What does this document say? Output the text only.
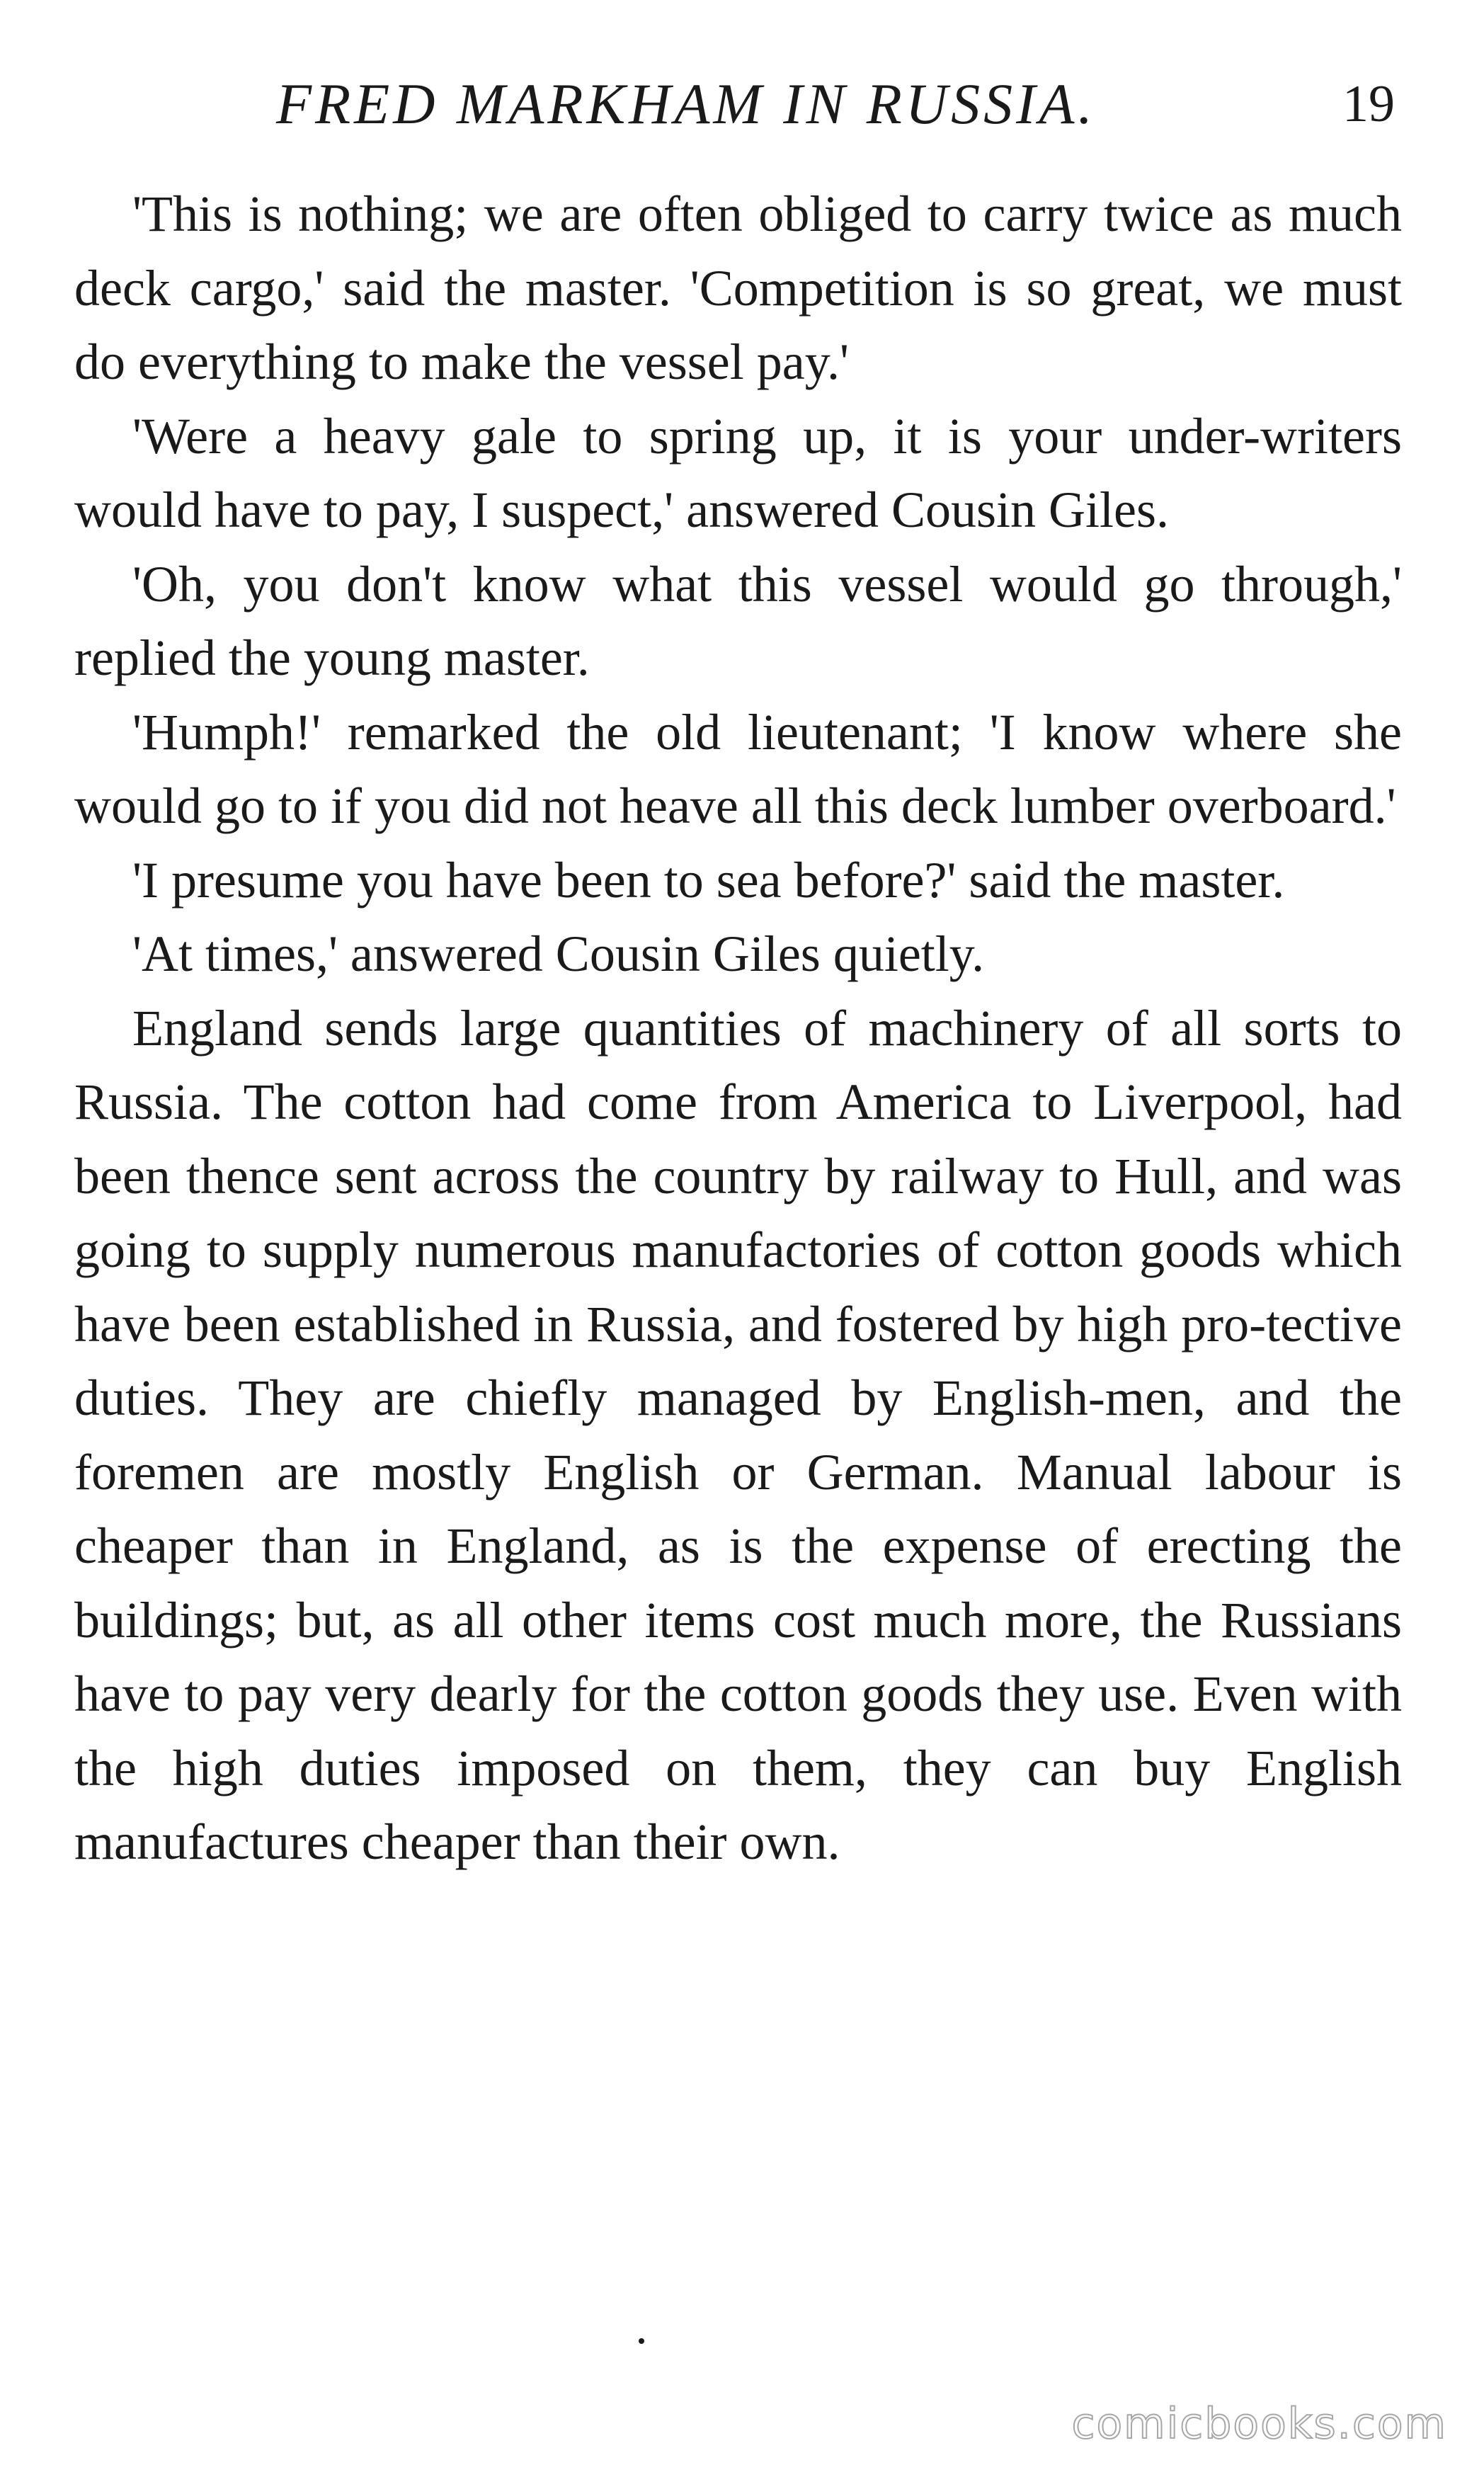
FRED MARKHAM IN RUSSIA.	19

'This is nothing; we are often obliged to carry twice as much deck cargo,' said the master. 'Competition is so great, we must do everything to make the vessel pay.'

'Were a heavy gale to spring up, it is your under-writers would have to pay, I suspect,' answered Cousin Giles.

'Oh, you don't know what this vessel would go through,' replied the young master.

'Humph!' remarked the old lieutenant; 'I know where she would go to if you did not heave all this deck lumber overboard.'

'I presume you have been to sea before?' said the master.

'At times,' answered Cousin Giles quietly.

England sends large quantities of machinery of all sorts to Russia. The cotton had come from America to Liverpool, had been thence sent across the country by railway to Hull, and was going to supply numerous manufactories of cotton goods which have been established in Russia, and fostered by high pro-tective duties. They are chiefly managed by English-men, and the foremen are mostly English or German. Manual labour is cheaper than in England, as is the expense of erecting the buildings; but, as all other items cost much more, the Russians have to pay very dearly for the cotton goods they use. Even with the high duties imposed on them, they can buy English manufactures cheaper than their own.

comicbooks.com
